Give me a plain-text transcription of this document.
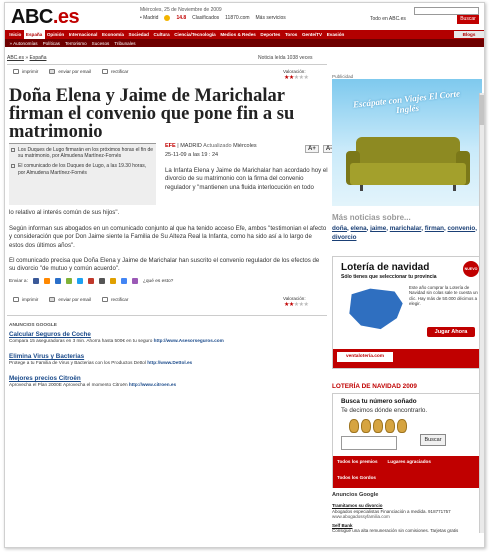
ABC.es	Miércoles, 25 de Noviembre de 2009
• Madrid	14.8 Clasificados 11870.com Más servicios	Todo en ABC.es	Buscar
Inicio España Opinión Internacional Economía Sociedad Cultura Ciencia/Tecnología Medios & Redes Deportes Toros Gente/TV Evasión	Blogs
» Autonomías	Políticas	Terrorismo	Sucesos	Tribunales
ABC.es » España	Noticia leída 1038 veces
imprimir	enviar por email	rectificar	Valoración:
★★★★★
Doña Elena y Jaime de Marichalar firman el convenio que pone fin a su matrimonio
Los Duques de Lugo firmarán en los próximos horas el fin de su matrimonio, por Almudena Martínez-Fornés
El comunicado de los Duques de Lugo, a las 19.30 horas, por Almudena Martínez-Fornés
EFE | MADRID Actualizado Miércoles
25-11-09 a las 19 : 24
A+	A-
La Infanta Elena y Jaime de Marichalar han acordado hoy el divorcio de su matrimonio con la firma del convenio regulador y "mantienen una fluida interlocución en todo
lo relativo al interés común de sus hijos".
Según informan sus abogados en un comunicado conjunto al que ha tenido acceso Efe, ambos "testimonian el afecto y consideración que por Don Jaime siente la Familia de Su Alteza Real la Infanta, como ha sido así a lo largo de estos dos últimos años".
El comunicado precisa que Doña Elena y Jaime de Marichalar han suscrito el convenio regulador de los efectos de su divorcio "de mutuo y común acuerdo".
Enviar a:	¿qué es esto?
imprimir	enviar por email	rectificar	Valoración:
★★★★★
ANUNCIOS GOOGLE
Calcular Seguros de Coche
Compara 15 aseguradoras en 3 min. Ahorra hasta 500€ en tu seguro http://www.Asesorseguros.com
Elimina Virus y Bacterias
Protege a tu Familia de Virus y Bacterias con los Productos Dettol http://www.Dettol.es
Mejores precios Citroën
Aprovecha el Plan 2000E Aprovecha el momento Citroën http://www.citroen.es
Publicidad
Escápate con Viajes El Corte Inglés
Más noticias sobre...
doña, elena, jaime, marichalar, firman, convenio, divorcio
Lotería de navidad	NUEVO
Sólo tienes que seleccionar tu provincia
Este año comprar la Lotería de Navidad sin colas sale te cuesta un clic. Hay más de 50.000 décimos a elegir.
Jugar Ahora
ventalotería.com
LOTERÍA DE NAVIDAD 2009
Busca tu número soñado
Te decimos dónde encontrarlo.
Buscar
Todos los premios Lugares agraciados
Todos los Gordos
Anuncios Google
Tramitamos su divorcio
Abogados especialistas Financiación a medida. 918771757
www.abogadossyfamilia.com
Self Bank
Consigue una alta remuneración sin comisiones. Tarjetas gratis
